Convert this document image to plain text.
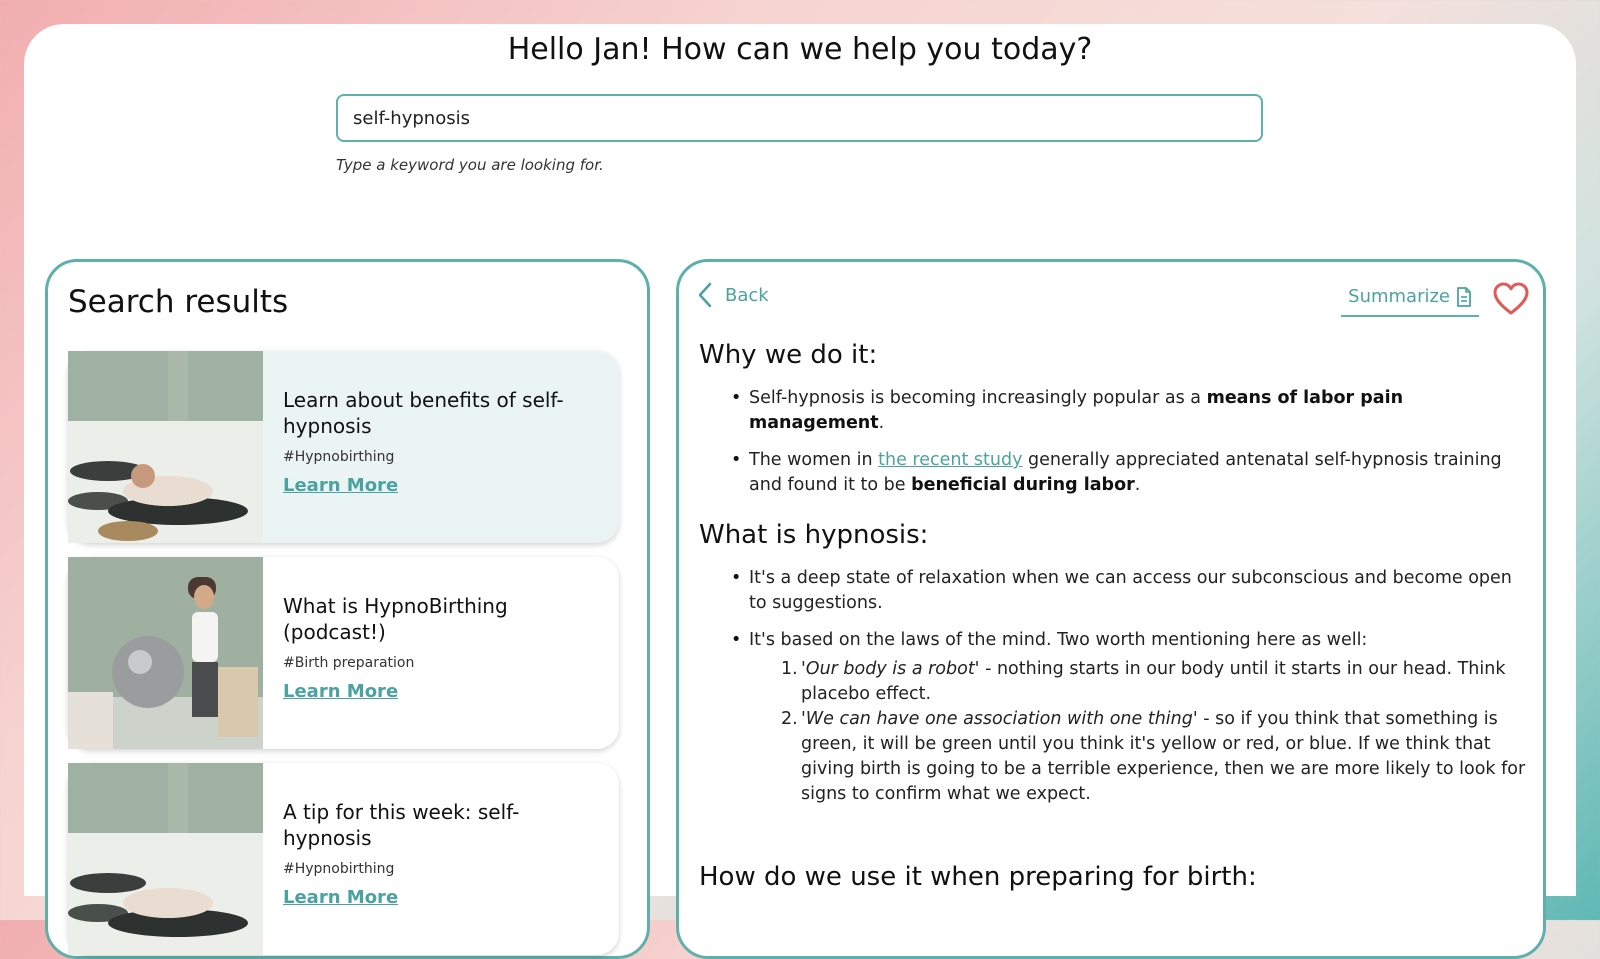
Hello Jan! How can we help you today?
self-hypnosis
Type a keyword you are looking for.
Search results
Learn about benefits of self-hypnosis
#Hypnobirthing
Learn More
What is HypnoBirthing (podcast!)
#Birth preparation
Learn More
A tip for this week: self-hypnosis
#Hypnobirthing
Learn More
Back	Summarize
Why we do it:
• Self-hypnosis is becoming increasingly popular as a means of labor pain management.
• The women in the recent study generally appreciated antenatal self-hypnosis training and found it to be beneficial during labor.
What is hypnosis:
• It's a deep state of relaxation when we can access our subconscious and become open to suggestions.
• It's based on the laws of the mind. Two worth mentioning here as well:
1. 'Our body is a robot' - nothing starts in our body until it starts in our head. Think placebo effect.
2. 'We can have one association with one thing' - so if you think that something is green, it will be green until you think it's yellow or red, or blue. If we think that giving birth is going to be a terrible experience, then we are more likely to look for signs to confirm what we expect.
How do we use it when preparing for birth:
